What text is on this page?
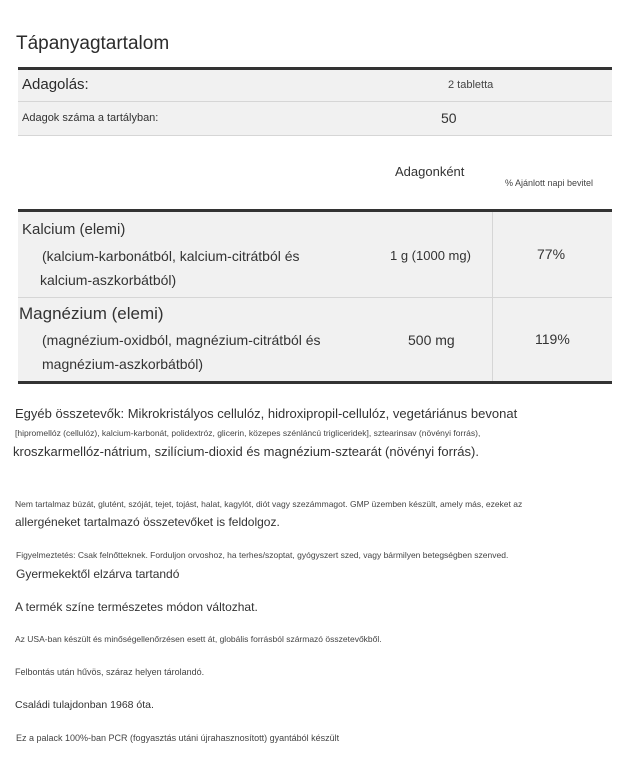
Tápanyagtartalom
Adagolás:	2 tabletta
Adagok száma a tartályban:	50
Adagonként
% Ajánlott napi bevitel
Kalcium (elemi)
(kalcium-karbonátból, kalcium-citrátból és
kalcium-aszkorbátból)
1 g (1000 mg)	77%
Magnézium (elemi)
(magnézium-oxidból, magnézium-citrátból és
magnézium-aszkorbátból)
500 mg	119%
Egyéb összetevők: Mikrokristályos cellulóz, hidroxipropil-cellulóz, vegetáriánus bevonat
[hipromellóz (cellulóz), kalcium-karbonát, polidextróz, glicerin, közepes szénláncú trigliceridek], sztearinsav (növényi forrás),
kroszkarmellóz-nátrium, szilícium-dioxid és magnézium-sztearát (növényi forrás).
Nem tartalmaz búzát, glutént, szóját, tejet, tojást, halat, kagylót, diót vagy szezámmagot. GMP üzemben készült, amely más, ezeket az
allergéneket tartalmazó összetevőket is feldolgoz.
Figyelmeztetés: Csak felnőtteknek. Forduljon orvoshoz, ha terhes/szoptat, gyógyszert szed, vagy bármilyen betegségben szenved.
Gyermekektől elzárva tartandó
A termék színe természetes módon változhat.
Az USA-ban készült és minőségellenőrzésen esett át, globális forrásból származó összetevőkből.
Felbontás után hűvös, száraz helyen tárolandó.
Családi tulajdonban 1968 óta.
Ez a palack 100%-ban PCR (fogyasztás utáni újrahasznosított) gyantából készült
